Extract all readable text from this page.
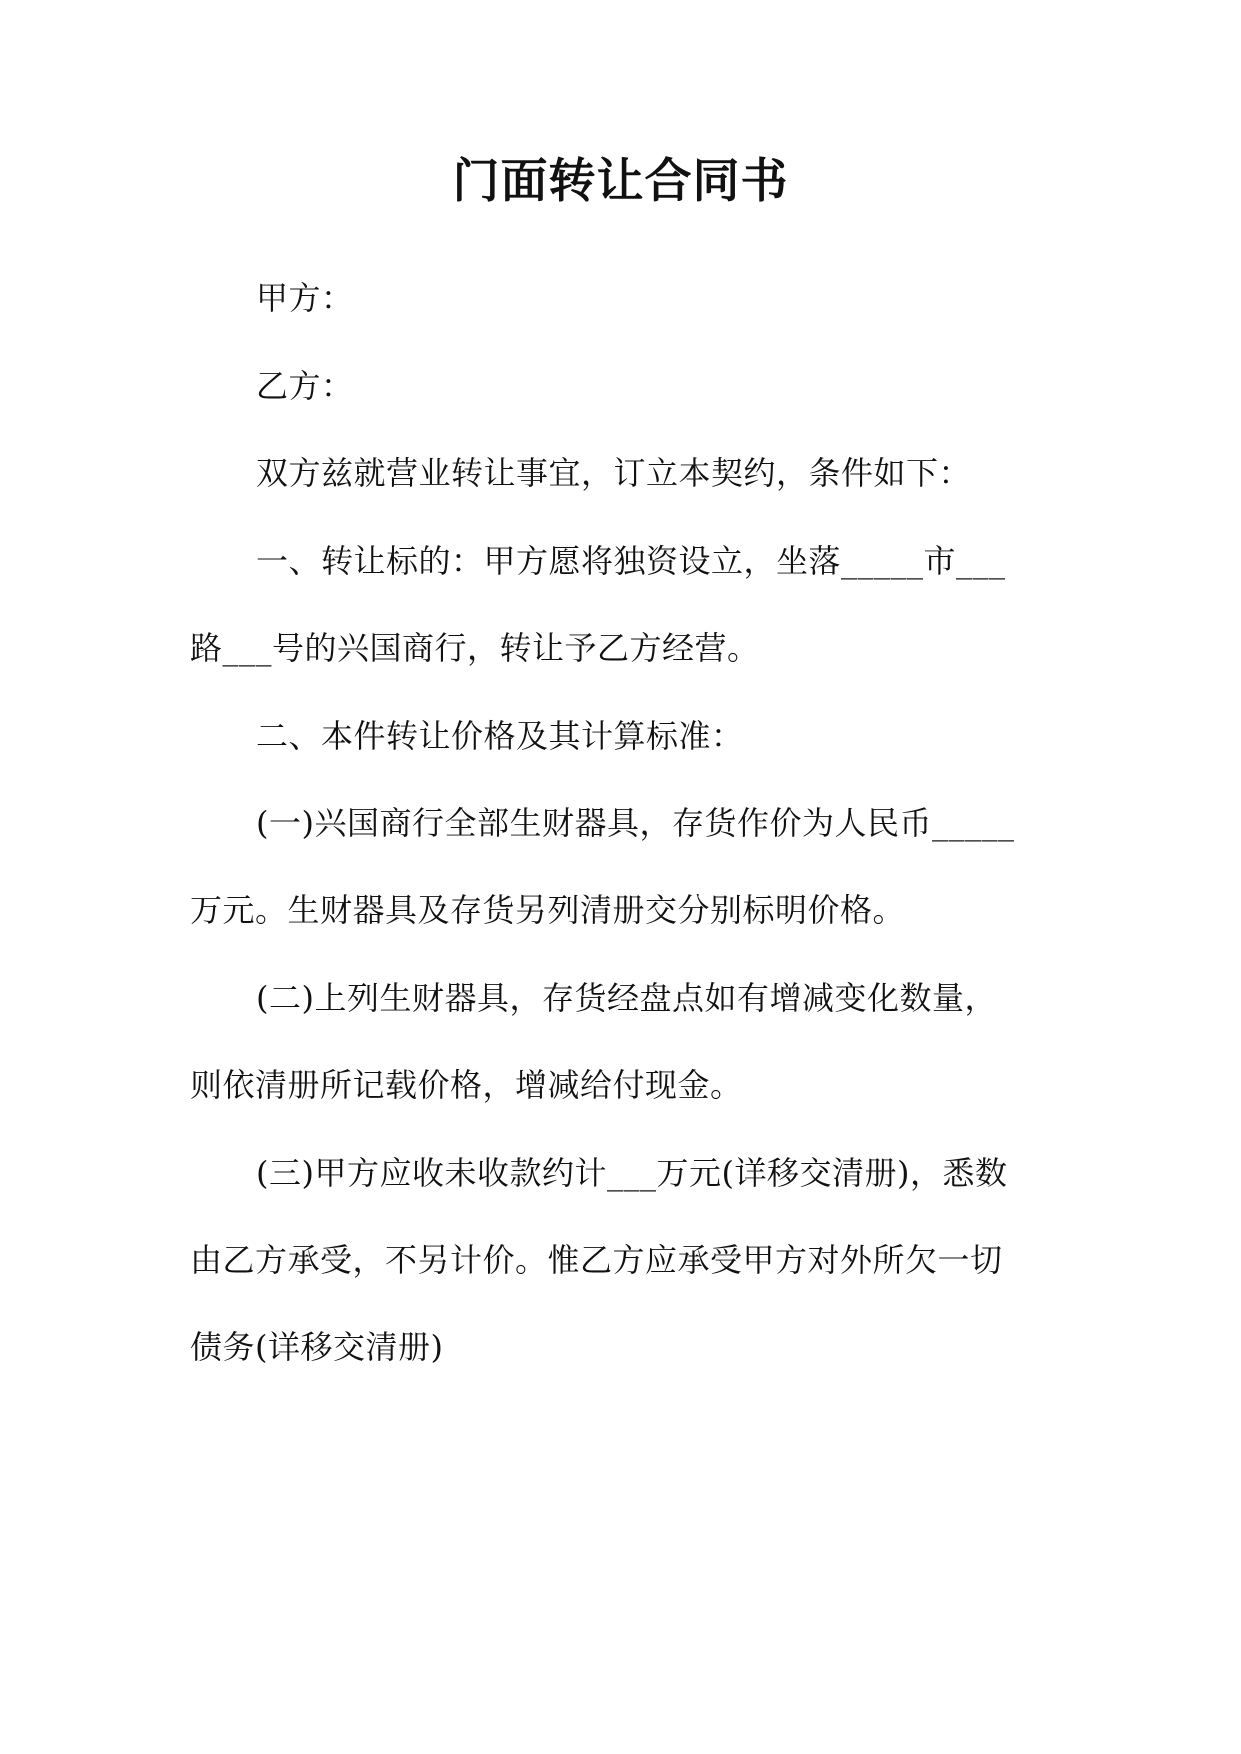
门面转让合同书
甲方：
乙方：
双方兹就营业转让事宜，订立本契约，条件如下：
一、转让标的：甲方愿将独资设立，坐落_____市___
路___号的兴国商行，转让予乙方经营。
二、本件转让价格及其计算标准：
(一)兴国商行全部生财器具，存货作价为人民币_____
万元。生财器具及存货另列清册交分别标明价格。
(二)上列生财器具，存货经盘点如有增减变化数量，
则依清册所记载价格，增减给付现金。
(三)甲方应收未收款约计___万元(详移交清册)，悉数
由乙方承受，不另计价。惟乙方应承受甲方对外所欠一切
债务(详移交清册)
